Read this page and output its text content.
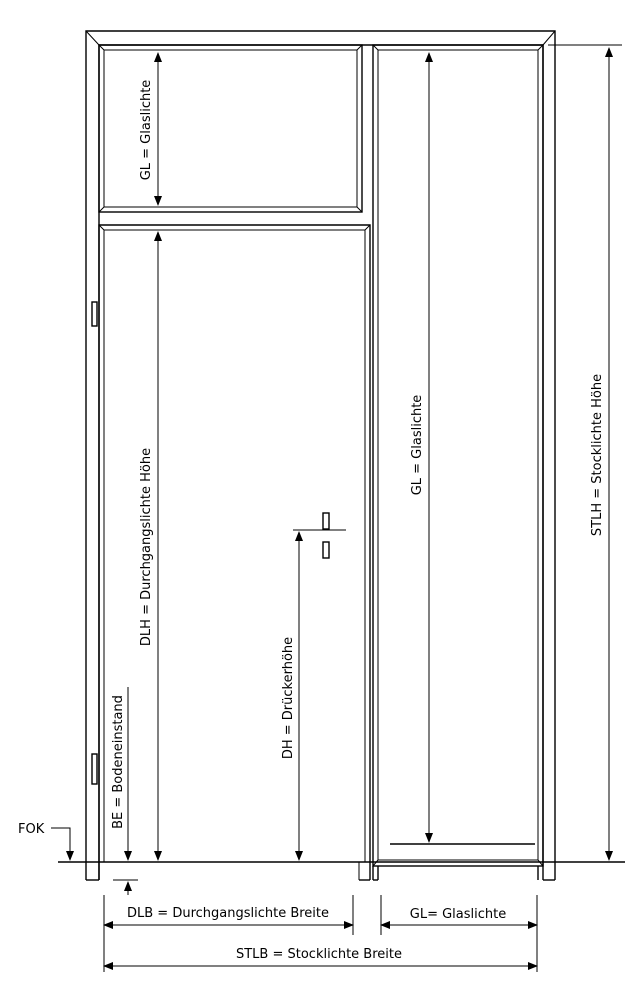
GL = Glaslichte
DLH = Durchgangslichte Höhe
GL = Glaslichte	STLH = Stocklichte Höhe
DH = Drückerhöhe
BE = Bodeneinstand
FOK
DLB = Durchgangslichte Breite	GL= Glaslichte
STLB = Stocklichte Breite
